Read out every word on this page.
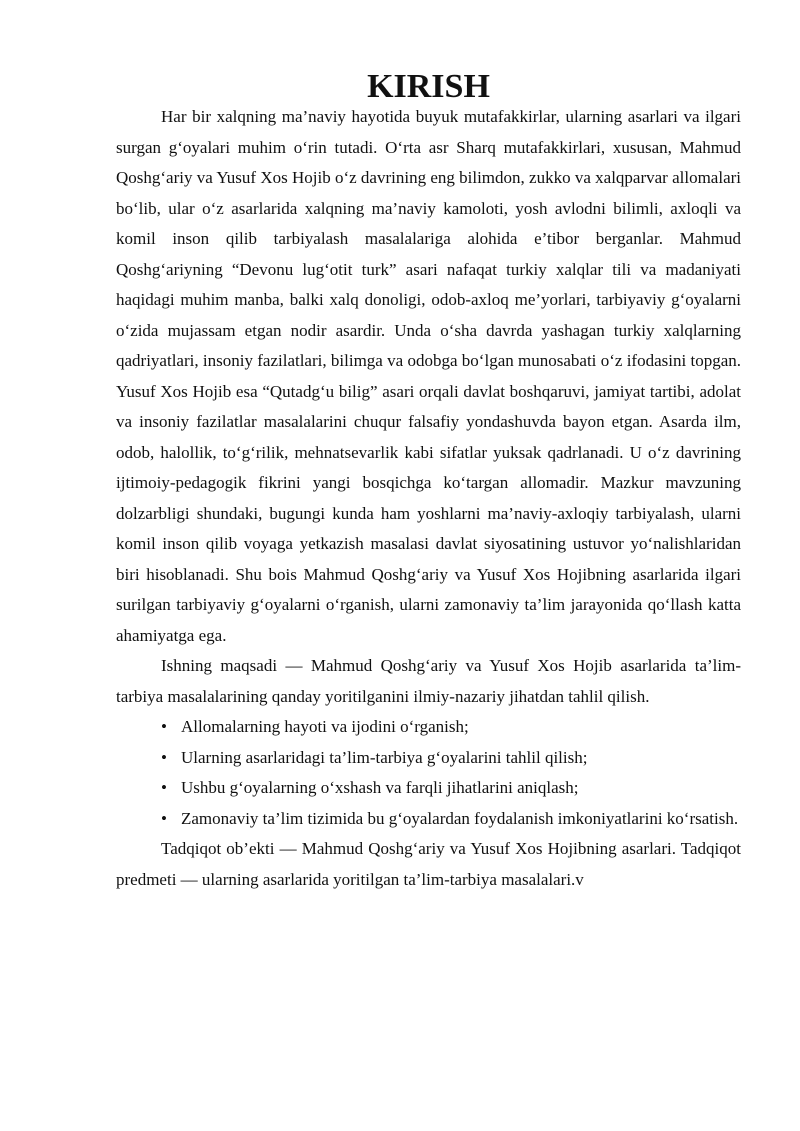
KIRISH

Har bir xalqning ma’naviy hayotida buyuk mutafakkirlar, ularning asarlari va ilgari surgan g‘oyalari muhim o‘rin tutadi. O‘rta asr Sharq mutafakkirlari, xususan, Mahmud Qoshg‘ariy va Yusuf Xos Hojib o‘z davrining eng bilimdon, zukko va xalqparvar allomalari bo‘lib, ular o‘z asarlarida xalqning ma’naviy kamoloti, yosh avlodni bilimli, axloqli va komil inson qilib tarbiyalash masalalariga alohida e’tibor berganlar. Mahmud Qoshg‘ariyning “Devonu lug‘otit turk” asari nafaqat turkiy xalqlar tili va madaniyati haqidagi muhim manba, balki xalq donoligi, odob-axloq me’yorlari, tarbiyaviy g‘oyalarni o‘zida mujassam etgan nodir asardir. Unda o‘sha davrda yashagan turkiy xalqlarning qadriyatlari, insoniy fazilatlari, bilimga va odobga bo‘lgan munosabati o‘z ifodasini topgan. Yusuf Xos Hojib esa “Qutadg‘u bilig” asari orqali davlat boshqaruvi, jamiyat tartibi, adolat va insoniy fazilatlar masalalarini chuqur falsafiy yondashuvda bayon etgan. Asarda ilm, odob, halollik, to‘g‘rilik, mehnatsevarlik kabi sifatlar yuksak qadrlanadi. U o‘z davrining ijtimoiy-pedagogik fikrini yangi bosqichga ko‘targan allomadir. Mazkur mavzuning dolzarbligi shundaki, bugungi kunda ham yoshlarni ma’naviy-axloqiy tarbiyalash, ularni komil inson qilib voyaga yetkazish masalasi davlat siyosatining ustuvor yo‘nalishlaridan biri hisoblanadi. Shu bois Mahmud Qoshg‘ariy va Yusuf Xos Hojibning asarlarida ilgari surilgan tarbiyaviy g‘oyalarni o‘rganish, ularni zamonaviy ta’lim jarayonida qo‘llash katta ahamiyatga ega.

Ishning maqsadi — Mahmud Qoshg‘ariy va Yusuf Xos Hojib asarlarida ta’lim-tarbiya masalalarining qanday yoritilganini ilmiy-nazariy jihatdan tahlil qilish.

• Allomalarning hayoti va ijodini o‘rganish;
• Ularning asarlaridagi ta’lim-tarbiya g‘oyalarini tahlil qilish;
• Ushbu g‘oyalarning o‘xshash va farqli jihatlarini aniqlash;
• Zamonaviy ta’lim tizimida bu g‘oyalardan foydalanish imkoniyatlarini ko‘rsatish.

Tadqiqot ob’ekti — Mahmud Qoshg‘ariy va Yusuf Xos Hojibning asarlari. Tadqiqot predmeti — ularning asarlarida yoritilgan ta’lim-tarbiya masalalari.v
